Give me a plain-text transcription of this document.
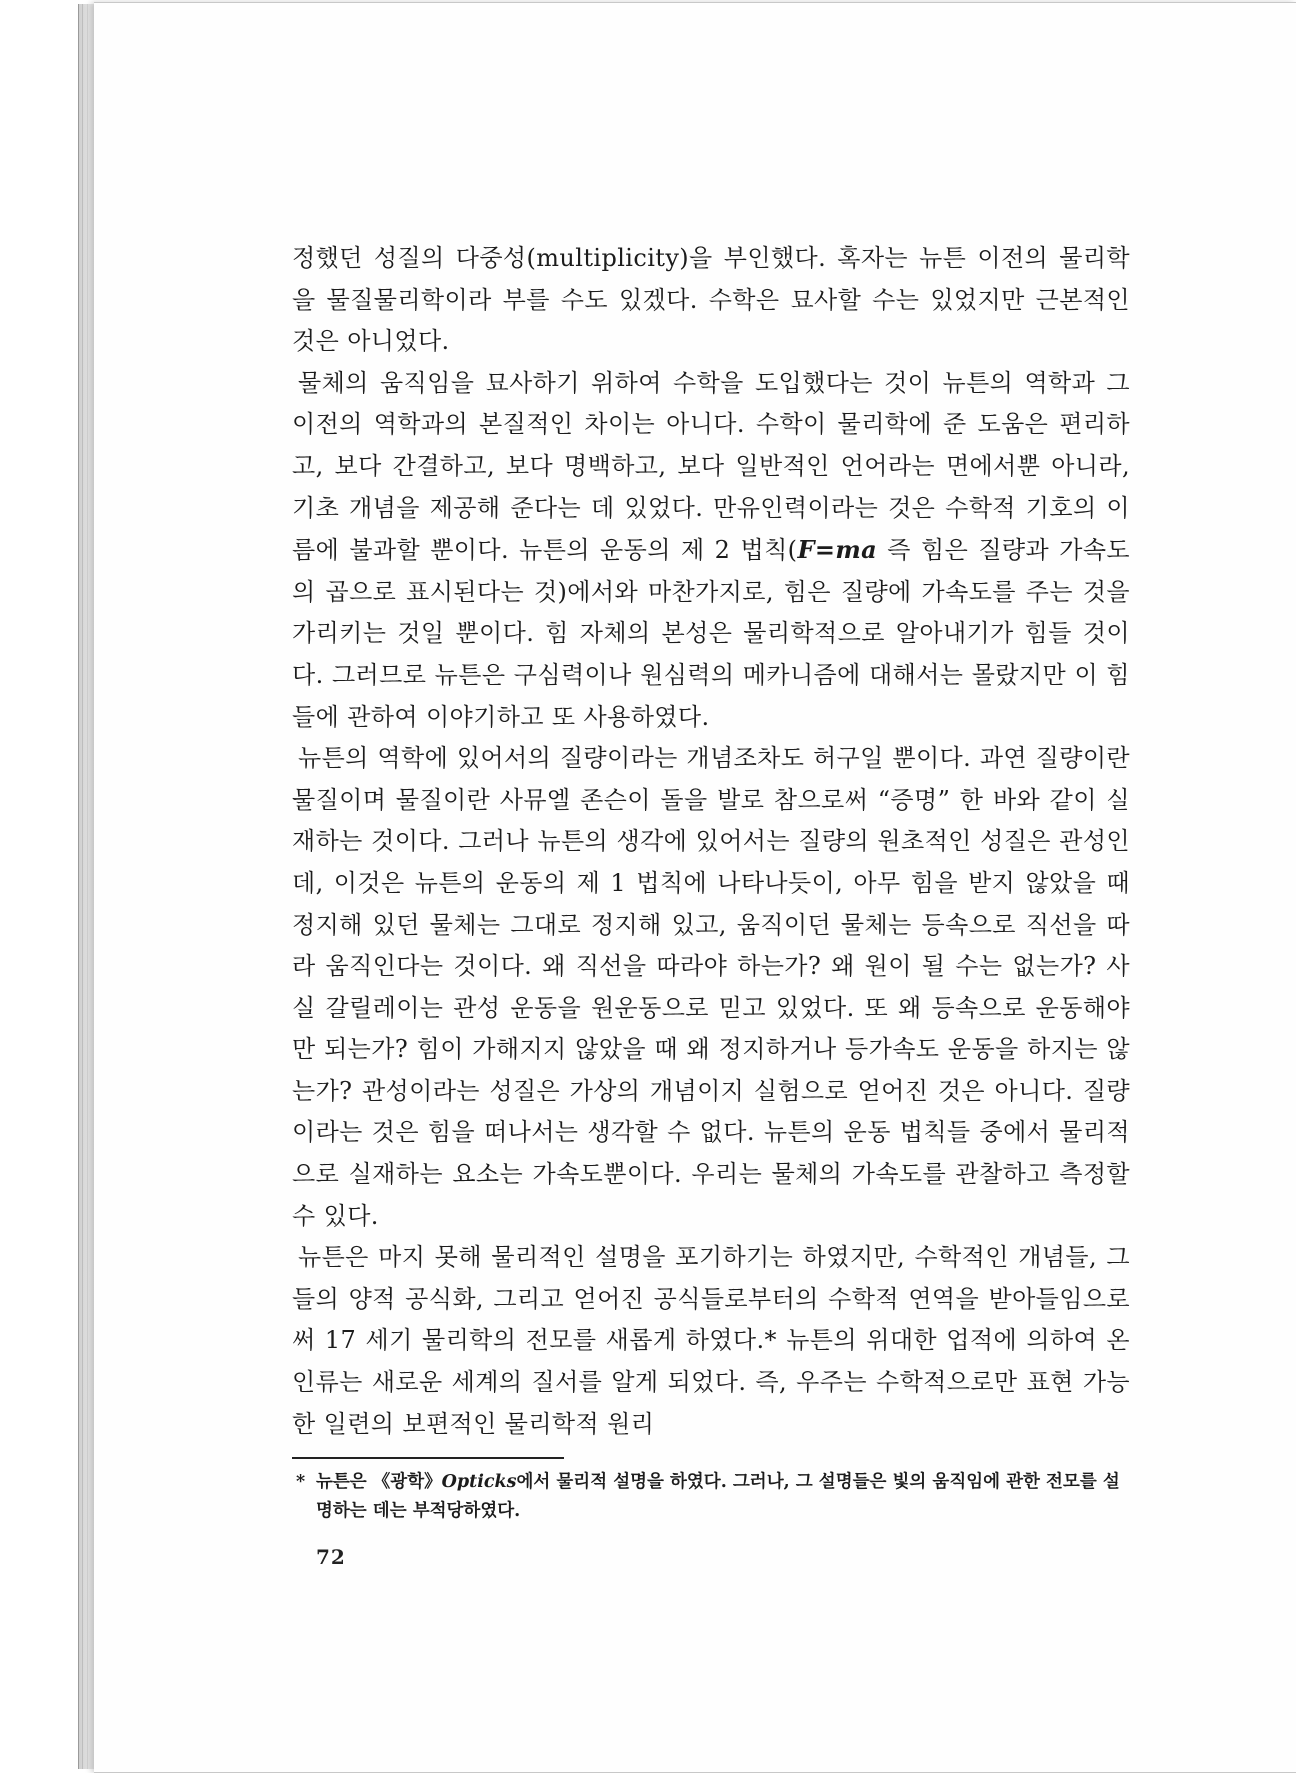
정했던 성질의 다중성(multiplicity)을 부인했다. 혹자는 뉴튼 이전의 물리학을 물질물리학이라 부를 수도 있겠다. 수학은 묘사할 수는 있었지만 근본적인 것은 아니었다.

물체의 움직임을 묘사하기 위하여 수학을 도입했다는 것이 뉴튼의 역학과 그 이전의 역학과의 본질적인 차이는 아니다. 수학이 물리학에 준 도움은 편리하고, 보다 간결하고, 보다 명백하고, 보다 일반적인 언어라는 면에서뿐 아니라, 기초 개념을 제공해 준다는 데 있었다. 만유인력이라는 것은 수학적 기호의 이름에 불과할 뿐이다. 뉴튼의 운동의 제 2 법칙(F=ma 즉 힘은 질량과 가속도의 곱으로 표시된다는 것)에서와 마찬가지로, 힘은 질량에 가속도를 주는 것을 가리키는 것일 뿐이다. 힘 자체의 본성은 물리학적으로 알아내기가 힘들 것이다. 그러므로 뉴튼은 구심력이나 원심력의 메카니즘에 대해서는 몰랐지만 이 힘들에 관하여 이야기하고 또 사용하였다.

뉴튼의 역학에 있어서의 질량이라는 개념조차도 허구일 뿐이다. 과연 질량이란 물질이며 물질이란 사뮤엘 존슨이 돌을 발로 참으로써 “증명” 한 바와 같이 실재하는 것이다. 그러나 뉴튼의 생각에 있어서는 질량의 원초적인 성질은 관성인데, 이것은 뉴튼의 운동의 제 1 법칙에 나타나듯이, 아무 힘을 받지 않았을 때 정지해 있던 물체는 그대로 정지해 있고, 움직이던 물체는 등속으로 직선을 따라 움직인다는 것이다. 왜 직선을 따라야 하는가? 왜 원이 될 수는 없는가? 사실 갈릴레이는 관성 운동을 원운동으로 믿고 있었다. 또 왜 등속으로 운동해야만 되는가? 힘이 가해지지 않았을 때 왜 정지하거나 등가속도 운동을 하지는 않는가? 관성이라는 성질은 가상의 개념이지 실험으로 얻어진 것은 아니다. 질량이라는 것은 힘을 떠나서는 생각할 수 없다. 뉴튼의 운동 법칙들 중에서 물리적으로 실재하는 요소는 가속도뿐이다. 우리는 물체의 가속도를 관찰하고 측정할 수 있다.

뉴튼은 마지 못해 물리적인 설명을 포기하기는 하였지만, 수학적인 개념들, 그들의 양적 공식화, 그리고 얻어진 공식들로부터의 수학적 연역을 받아들임으로써 17 세기 물리학의 전모를 새롭게 하였다.* 뉴튼의 위대한 업적에 의하여 온 인류는 새로운 세계의 질서를 알게 되었다. 즉, 우주는 수학적으로만 표현 가능한 일련의 보편적인 물리학적 원리

* 뉴튼은 《광학》Opticks에서 물리적 설명을 하였다. 그러나, 그 설명들은 빛의 움직임에 관한 전모를 설명하는 데는 부적당하였다.
72
